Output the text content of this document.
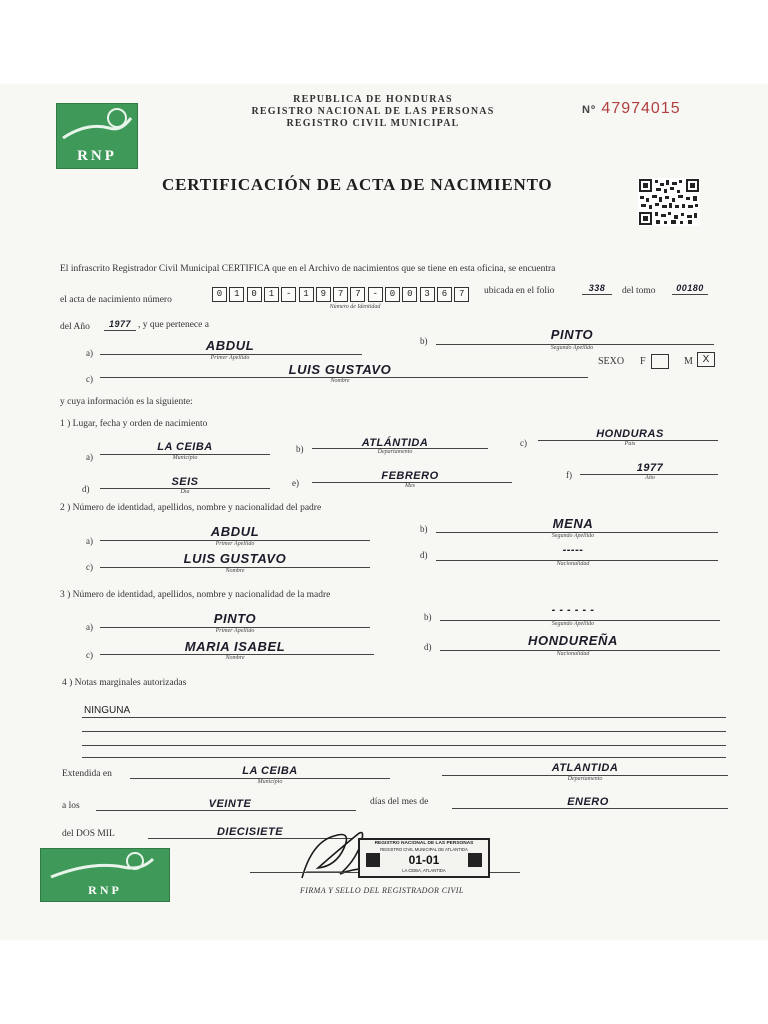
RNP
REPUBLICA DE HONDURAS
REGISTRO NACIONAL DE LAS PERSONAS
REGISTRO CIVIL MUNICIPAL
Nº 47974015
CERTIFICACIÓN DE ACTA DE NACIMIENTO
El infrascrito Registrador Civil Municipal CERTIFICA que en el Archivo de nacimientos que se tiene en esta oficina, se encuentra
el acta de nacimiento número
0	1	0	1	-	1	9	7	7	-	0	0	3	6	7
Número de Identidad
ubicada en el folio	338	del tomo	00180
del Año	1977 , y que pertenece a
a)	ABDUL
Primer Apellido
b)	PINTO
Segundo Apellido
c)
LUIS GUSTAVO
Nombre
SEXO F	M X
y cuya información es la siguiente:
1 ) Lugar, fecha y orden de nacimiento
a)
LA CEIBA
Municipio
b)	ATLÁNTIDA
Departamento
c)
HONDURAS
País
d)
SEIS
Día
e)
FEBRERO
Mes
f)
1977
Año
2 ) Número de identidad, apellidos, nombre y nacionalidad del padre
a)
ABDUL
Primer Apellido
b)	MENA
Segundo Apellido
c)
LUIS GUSTAVO
Nombre
d)	-----
Nacionalidad
3 ) Número de identidad, apellidos, nombre y nacionalidad de la madre
a)
PINTO
Primer Apellido
b)
- - - - - -
Segundo Apellido
c)
MARIA ISABEL
Nombre
d)	HONDUREÑA
Nacionalidad
4 ) Notas marginales autorizadas
NINGUNA
Extendida en	LA CEIBA
Municipio
ATLANTIDA
Departamento
a los	VEINTE	días del mes de	ENERO
del DOS MIL	DIECISIETE
RNP
REGISTRO NACIONAL DE LAS PERSONAS
REGISTRO CIVIL MUNICIPAL DE ATLANTIDA
01-01
LA CEIBA, ATLANTIDA
FIRMA Y SELLO DEL REGISTRADOR CIVIL
